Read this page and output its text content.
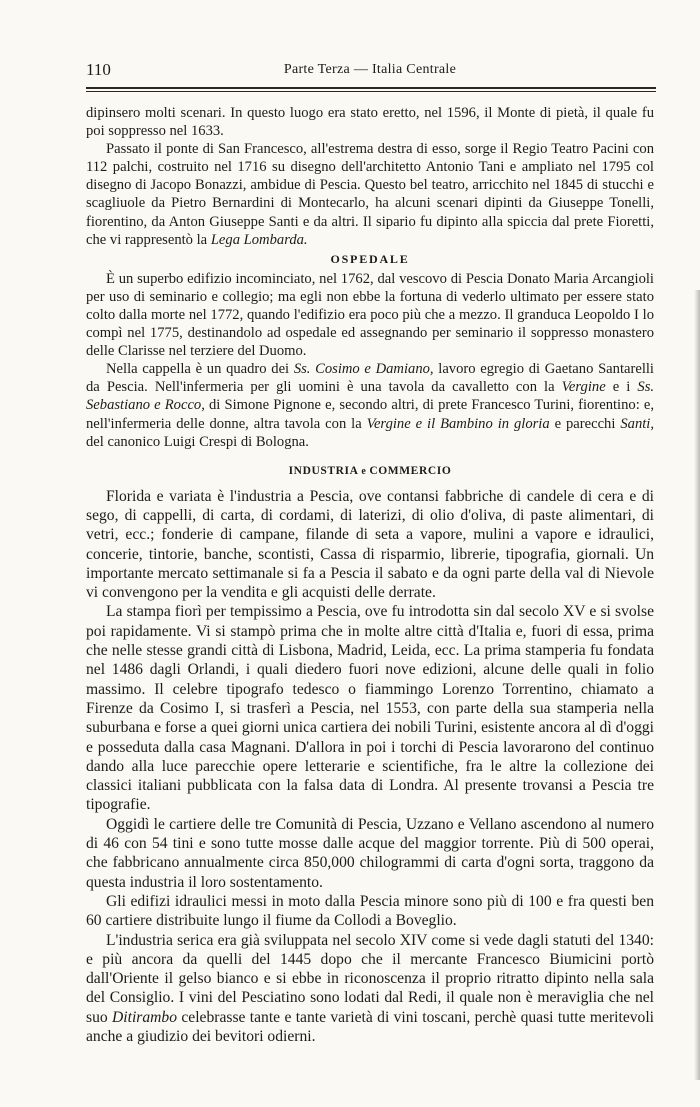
110	Parte Terza — Italia Centrale

dipinsero molti scenari. In questo luogo era stato eretto, nel 1596, il Monte di pietà, il quale fu poi soppresso nel 1633.

Passato il ponte di San Francesco, all'estrema destra di esso, sorge il Regio Teatro Pacini con 112 palchi, costruito nel 1716 su disegno dell'architetto Antonio Tani e ampliato nel 1795 col disegno di Jacopo Bonazzi, ambidue di Pescia. Questo bel teatro, arricchito nel 1845 di stucchi e scagliuole da Pietro Bernardini di Montecarlo, ha alcuni scenari dipinti da Giuseppe Tonelli, fiorentino, da Anton Giuseppe Santi e da altri. Il sipario fu dipinto alla spiccia dal prete Fioretti, che vi rappresentò la Lega Lombarda.

OSPEDALE

È un superbo edifizio incominciato, nel 1762, dal vescovo di Pescia Donato Maria Arcangioli per uso di seminario e collegio; ma egli non ebbe la fortuna di vederlo ultimato per essere stato colto dalla morte nel 1772, quando l'edifizio era poco più che a mezzo. Il granduca Leopoldo I lo compì nel 1775, destinandolo ad ospedale ed assegnando per seminario il soppresso monastero delle Clarisse nel terziere del Duomo.

Nella cappella è un quadro dei Ss. Cosimo e Damiano, lavoro egregio di Gaetano Santarelli da Pescia. Nell'infermeria per gli uomini è una tavola da cavalletto con la Vergine e i Ss. Sebastiano e Rocco, di Simone Pignone e, secondo altri, di prete Francesco Turini, fiorentino: e, nell'infermeria delle donne, altra tavola con la Vergine e il Bambino in gloria e parecchi Santi, del canonico Luigi Crespi di Bologna.

INDUSTRIA e COMMERCIO

Florida e variata è l'industria a Pescia, ove contansi fabbriche di candele di cera e di sego, di cappelli, di carta, di cordami, di laterizi, di olio d'oliva, di paste alimentari, di vetri, ecc.; fonderie di campane, filande di seta a vapore, mulini a vapore e idraulici, concerie, tintorie, banche, scontisti, Cassa di risparmio, librerie, tipografia, giornali. Un importante mercato settimanale si fa a Pescia il sabato e da ogni parte della val di Nievole vi convengono per la vendita e gli acquisti delle derrate.

La stampa fiorì per tempissimo a Pescia, ove fu introdotta sin dal secolo XV e si svolse poi rapidamente. Vi si stampò prima che in molte altre città d'Italia e, fuori di essa, prima che nelle stesse grandi città di Lisbona, Madrid, Leida, ecc. La prima stamperia fu fondata nel 1486 dagli Orlandi, i quali diedero fuori nove edizioni, alcune delle quali in folio massimo. Il celebre tipografo tedesco o fiammingo Lorenzo Torrentino, chiamato a Firenze da Cosimo I, si trasferì a Pescia, nel 1553, con parte della sua stamperia nella suburbana e forse a quei giorni unica cartiera dei nobili Turini, esistente ancora al dì d'oggi e posseduta dalla casa Magnani. D'allora in poi i torchi di Pescia lavorarono del continuo dando alla luce parecchie opere letterarie e scientifiche, fra le altre la collezione dei classici italiani pubblicata con la falsa data di Londra. Al presente trovansi a Pescia tre tipografie.

Oggidì le cartiere delle tre Comunità di Pescia, Uzzano e Vellano ascendono al numero di 46 con 54 tini e sono tutte mosse dalle acque del maggior torrente. Più di 500 operai, che fabbricano annualmente circa 850,000 chilogrammi di carta d'ogni sorta, traggono da questa industria il loro sostentamento.

Gli edifizi idraulici messi in moto dalla Pescia minore sono più di 100 e fra questi ben 60 cartiere distribuite lungo il fiume da Collodi a Boveglio.

L'industria serica era già sviluppata nel secolo XIV come si vede dagli statuti del 1340: e più ancora da quelli del 1445 dopo che il mercante Francesco Biumicini portò dall'Oriente il gelso bianco e si ebbe in riconoscenza il proprio ritratto dipinto nella sala del Consiglio. I vini del Pesciatino sono lodati dal Redi, il quale non è meraviglia che nel suo Ditirambo celebrasse tante e tante varietà di vini toscani, perchè quasi tutte meritevoli anche a giudizio dei bevitori odierni.
